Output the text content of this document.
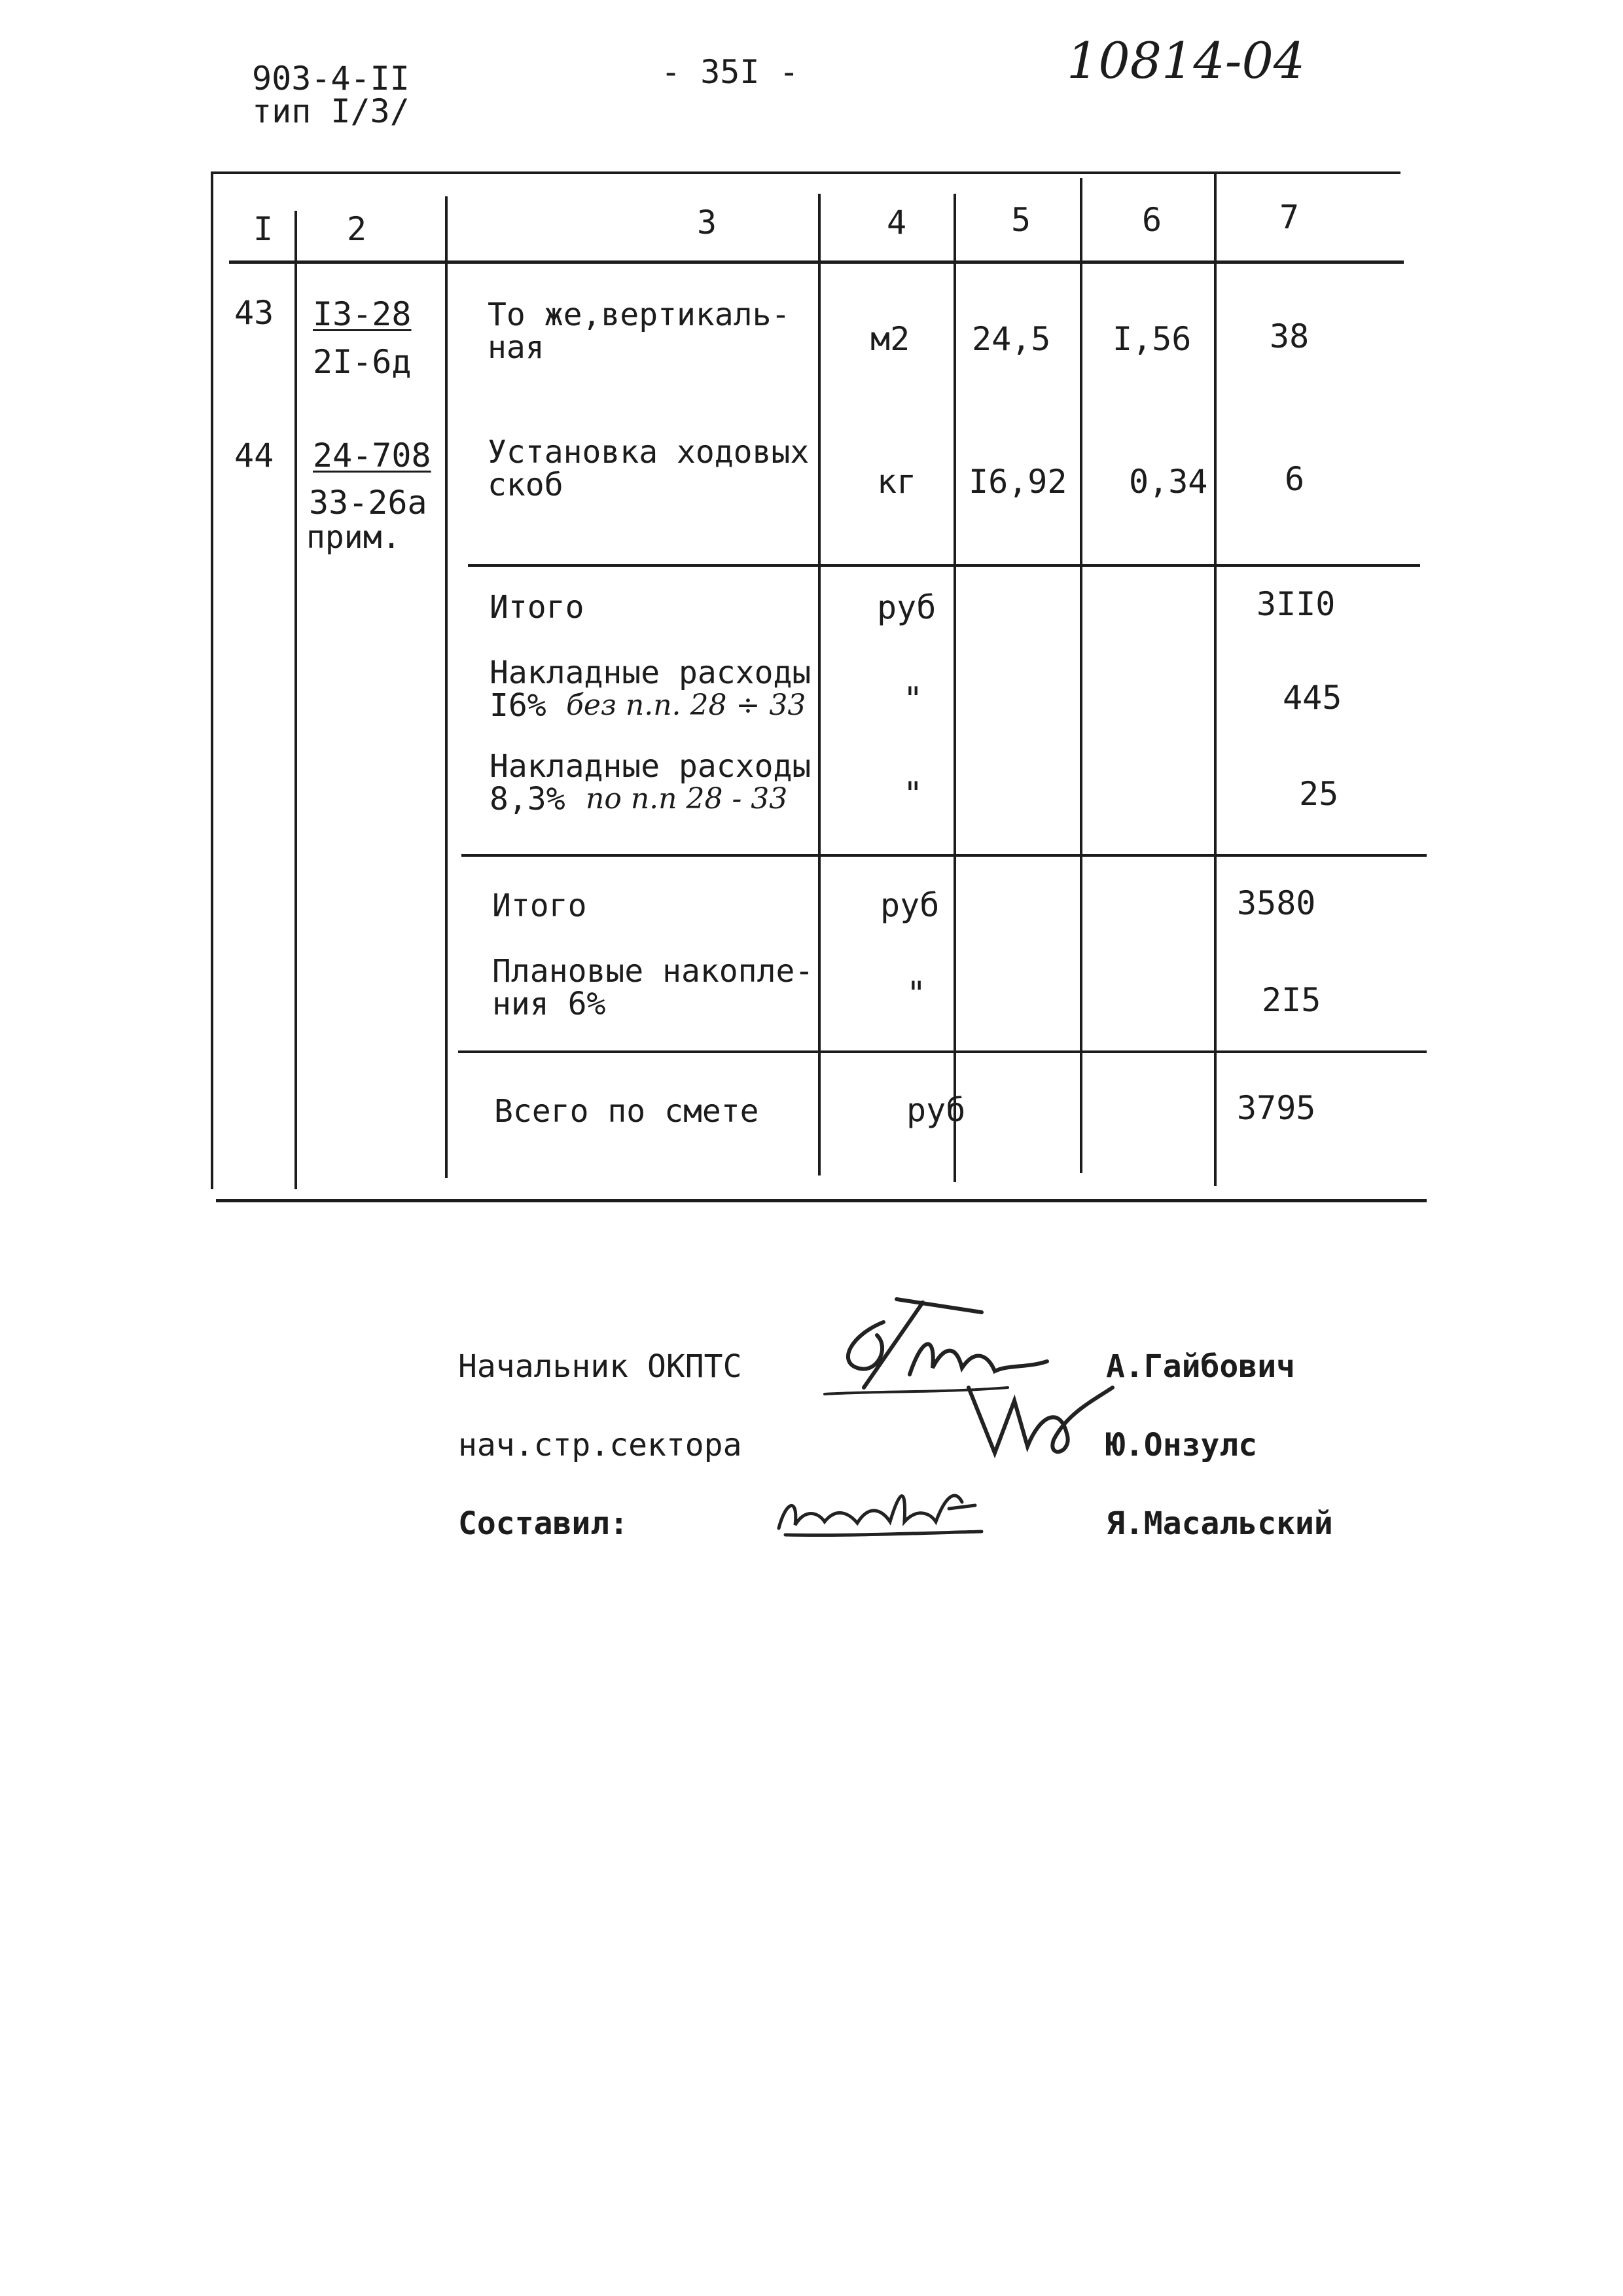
903-4-II
тип I/3/
- 35I -	10814-04
I	2	3	4	5	6	7
43 I3-28
2I-6д
То же,вертикаль-
ная	м2 24,5 I,56 38
44 24-708
33-26а
прим.
Установка ходовых
скоб	кг I6,92 0,34 6
Итого	руб	3II0
Накладные расходы
I6% без п.п. 28 ÷ 33	"	445
Накладные расходы
8,3% по п.п 28 - 33	"	25
Итого	руб	3580
Плановые накопле-
ния 6%	"	2I5
Всего по смете	руб	3795
Начальник ОКПТС	А.Гайбович
нач.стр.сектора	Ю.Онзулс
Составил:	Я.Масальский
